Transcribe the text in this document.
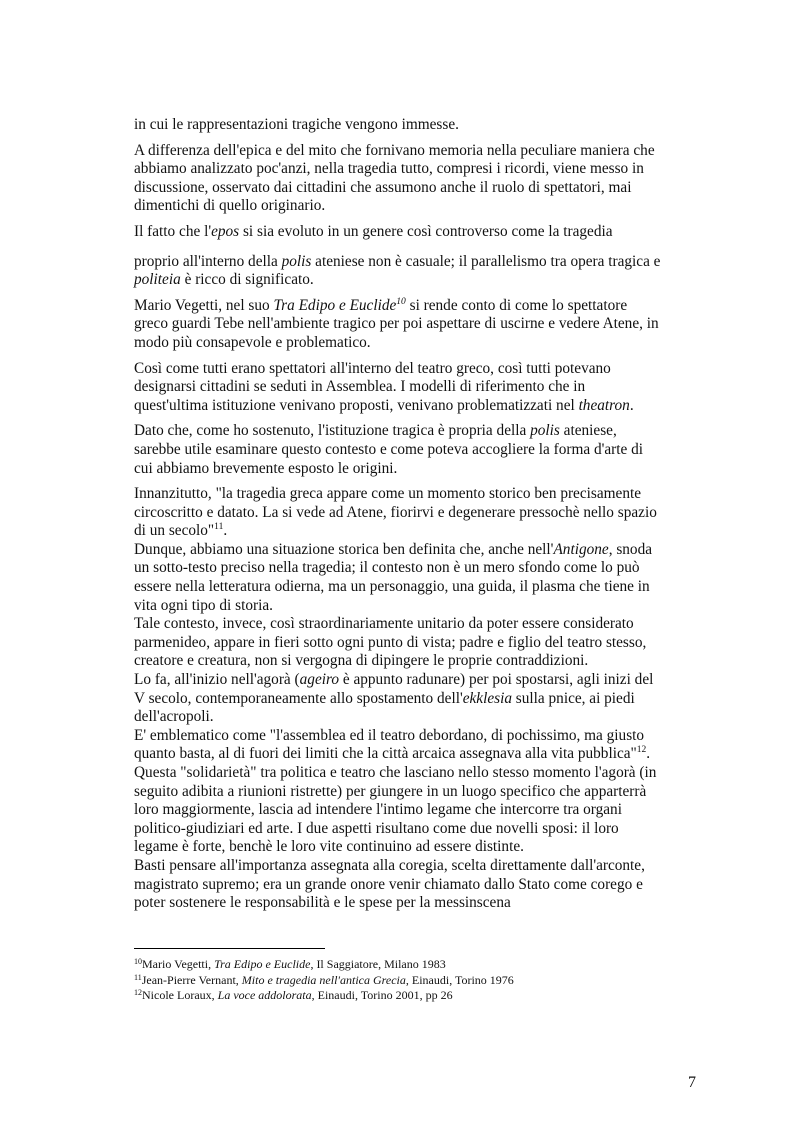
in cui le rappresentazioni tragiche vengono immesse.

A differenza dell'epica e del mito che fornivano memoria nella peculiare maniera che abbiamo analizzato poc'anzi, nella tragedia tutto, compresi i ricordi, viene messo in discussione, osservato dai cittadini che assumono anche il ruolo di spettatori, mai dimentichi di quello originario.

Il fatto che l'epos si sia evoluto in un genere così controverso come la tragedia

proprio all'interno della polis ateniese non è casuale; il parallelismo tra opera tragica e politeia è ricco di significato.

Mario Vegetti, nel suo Tra Edipo e Euclide$^{10}$ si rende conto di come lo spettatore greco guardi Tebe nell'ambiente tragico per poi aspettare di uscirne e vedere Atene, in modo più consapevole e problematico.

Così come tutti erano spettatori all'interno del teatro greco, così tutti potevano designarsi cittadini se seduti in Assemblea. I modelli di riferimento che in quest'ultima istituzione venivano proposti, venivano problematizzati nel theatron.

Dato che, come ho sostenuto, l'istituzione tragica è propria della polis ateniese, sarebbe utile esaminare questo contesto e come poteva accogliere la forma d'arte di cui abbiamo brevemente esposto le origini.

Innanzitutto, "la tragedia greca appare come un momento storico ben precisamente circoscritto e datato. La si vede ad Atene, fiorirvi e degenerare pressochè nello spazio di un secolo"$^{11}$.

Dunque, abbiamo una situazione storica ben definita che, anche nell'Antigone, snoda un sotto-testo preciso nella tragedia; il contesto non è un mero sfondo come lo può essere nella letteratura odierna, ma un personaggio, una guida, il plasma che tiene in vita ogni tipo di storia.

Tale contesto, invece, così straordinariamente unitario da poter essere considerato parmenideo, appare in fieri sotto ogni punto di vista; padre e figlio del teatro stesso, creatore e creatura, non si vergogna di dipingere le proprie contraddizioni.

Lo fa, all'inizio nell'agorà (ageiro è appunto radunare) per poi spostarsi, agli inizi del V secolo, contemporaneamente allo spostamento dell'ekklesia sulla pnice, ai piedi dell'acropoli.

E' emblematico come "l'assemblea ed il teatro debordano, di pochissimo, ma giusto quanto basta, al di fuori dei limiti che la città arcaica assegnava alla vita pubblica"$^{12}$. Questa "solidarietà" tra politica e teatro che lasciano nello stesso momento l'agorà (in seguito adibita a riunioni ristrette) per giungere in un luogo specifico che apparterrà loro maggiormente, lascia ad intendere l'intimo legame che intercorre tra organi politico-giudiziari ed arte. I due aspetti risultano come due novelli sposi: il loro legame è forte, benchè le loro vite continuino ad essere distinte.

Basti pensare all'importanza assegnata alla coregia, scelta direttamente dall'arconte, magistrato supremo; era un grande onore venir chiamato dallo Stato come corego e poter sostenere le responsabilità e le spese per la messinscena

$^{10}$Mario Vegetti, Tra Edipo e Euclide, Il Saggiatore, Milano 1983
$^{11}$Jean-Pierre Vernant, Mito e tragedia nell'antica Grecia, Einaudi, Torino 1976
$^{12}$Nicole Loraux, La voce addolorata, Einaudi, Torino 2001, pp 26
7
